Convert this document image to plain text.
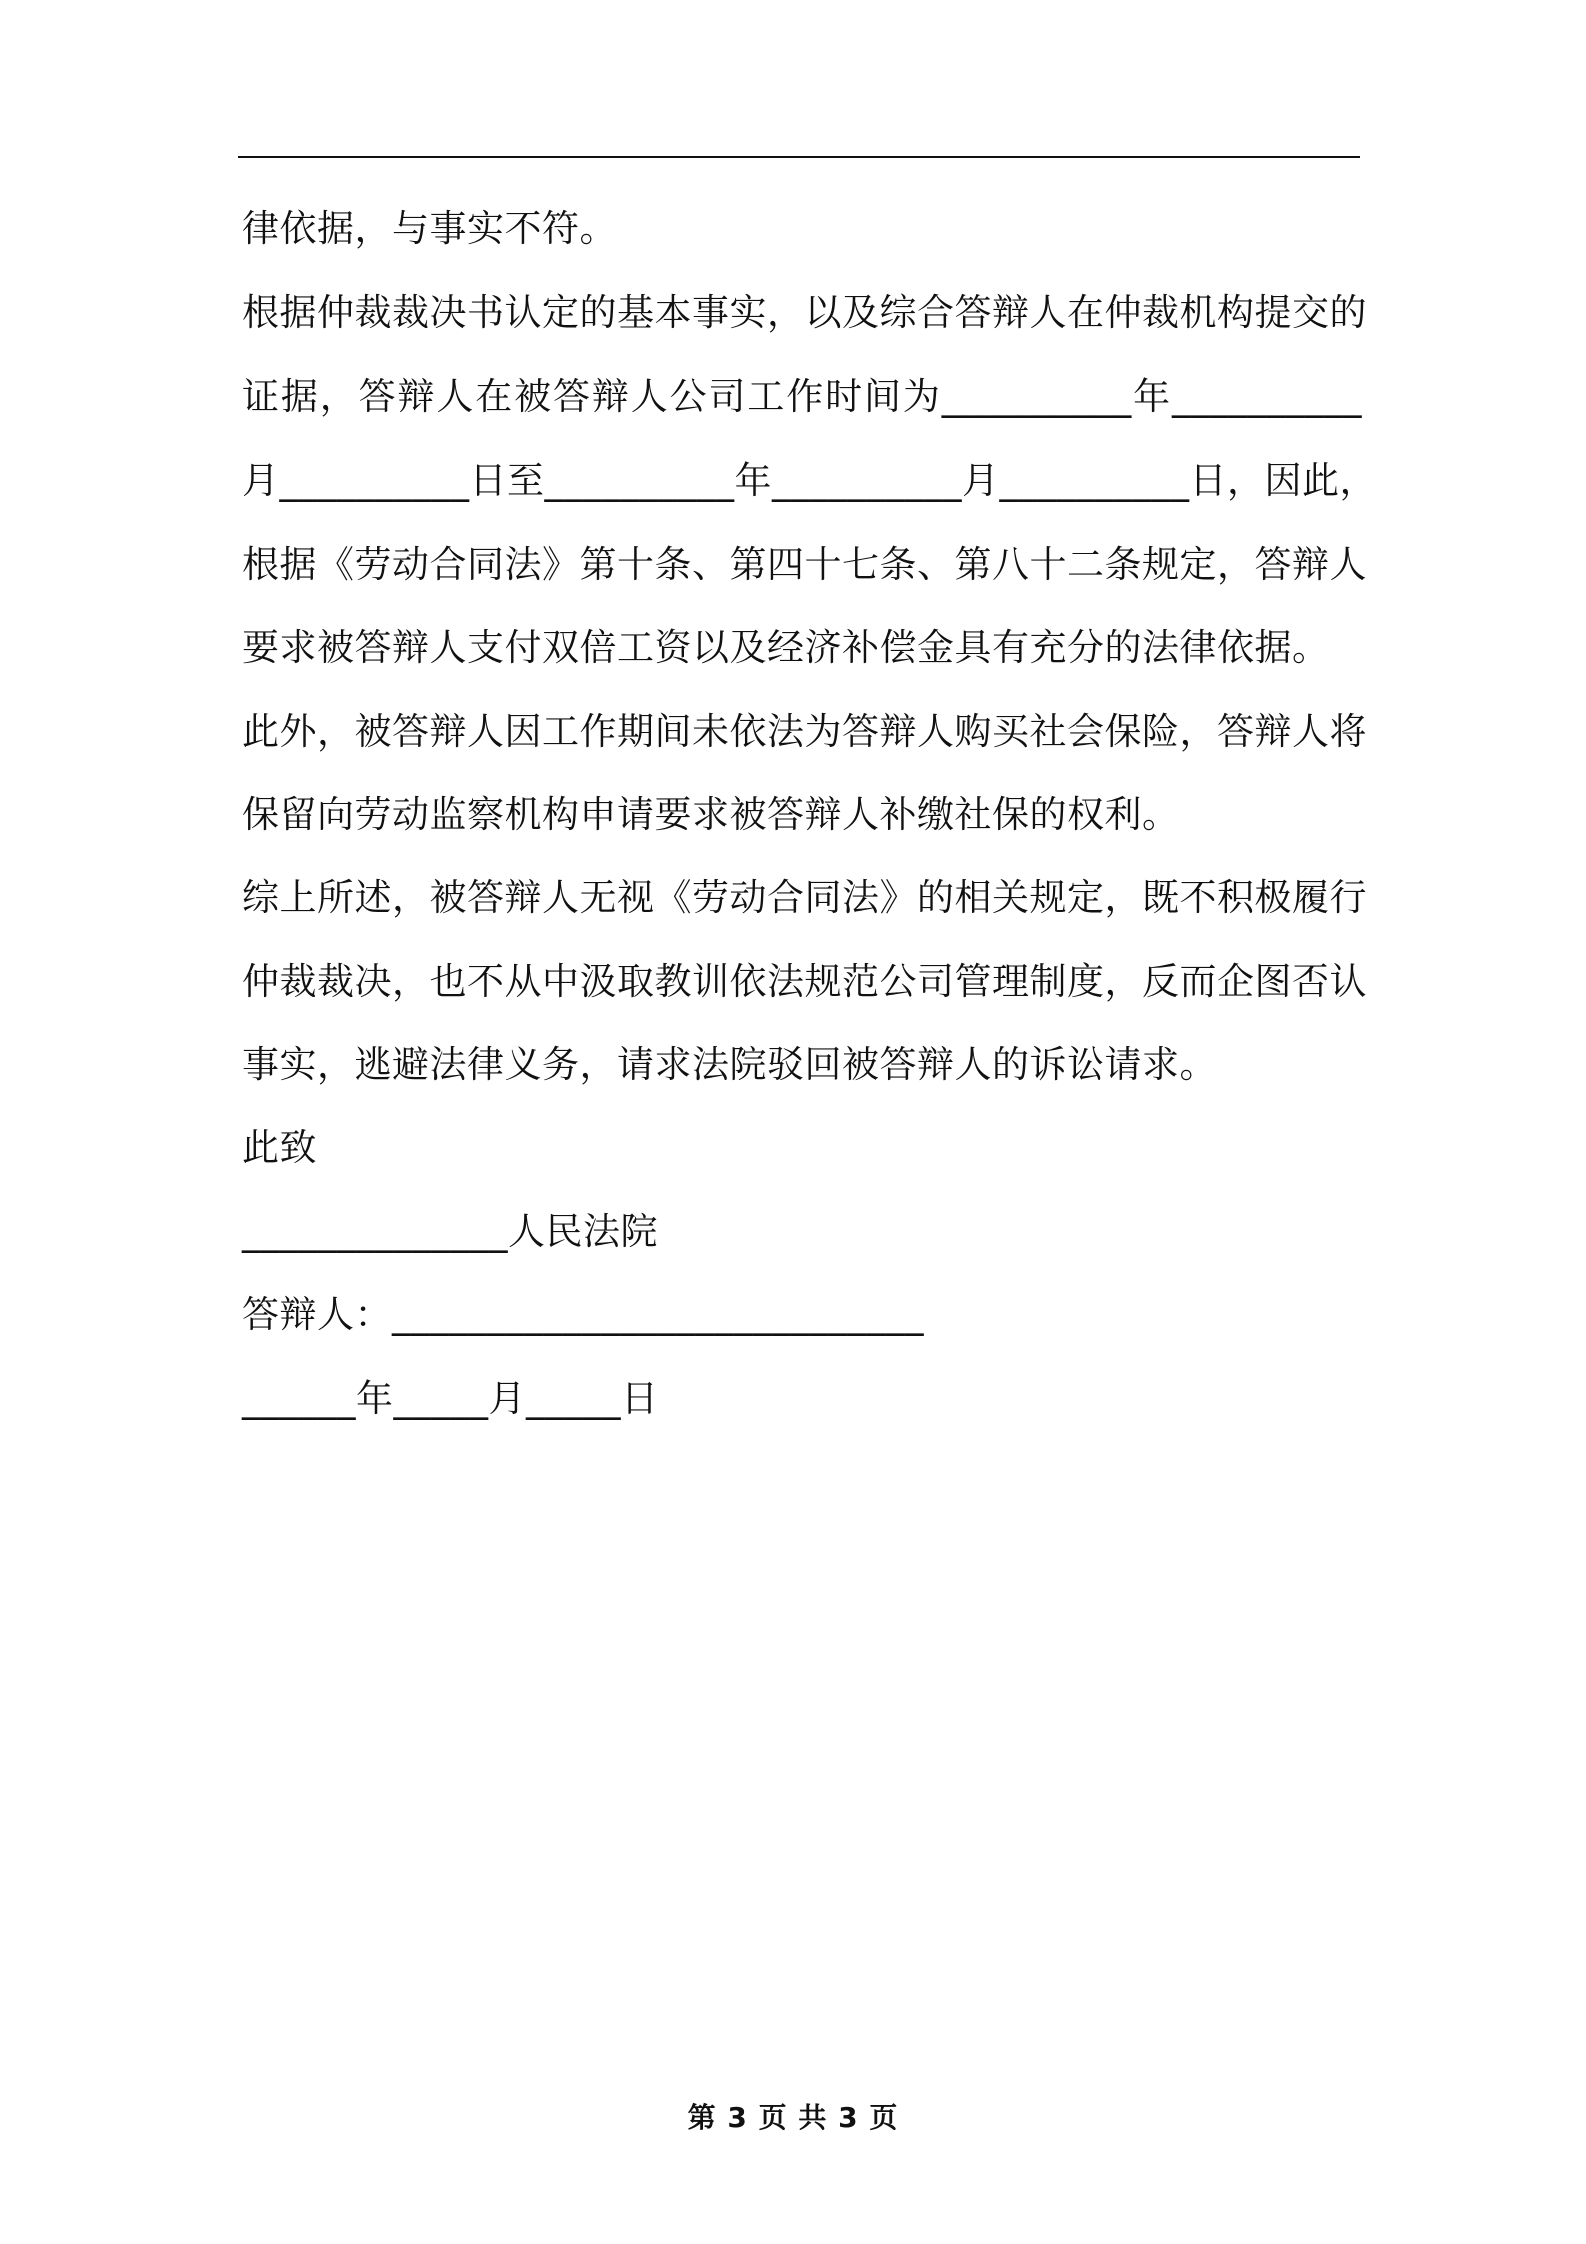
律依据，与事实不符。
根据仲裁裁决书认定的基本事实，以及综合答辩人在仲裁机构提交的
证据，答辩人在被答辩人公司工作时间为__________年__________
月__________日至__________年__________月__________日，因此，
根据《劳动合同法》第十条、第四十七条、第八十二条规定，答辩人
要求被答辩人支付双倍工资以及经济补偿金具有充分的法律依据。
此外，被答辩人因工作期间未依法为答辩人购买社会保险，答辩人将
保留向劳动监察机构申请要求被答辩人补缴社保的权利。
综上所述，被答辩人无视《劳动合同法》的相关规定，既不积极履行
仲裁裁决，也不从中汲取教训依法规范公司管理制度，反而企图否认
事实，逃避法律义务，请求法院驳回被答辩人的诉讼请求。
此致
______________人民法院
答辩人：____________________________
______年_____月_____日
第 3 页 共 3 页
